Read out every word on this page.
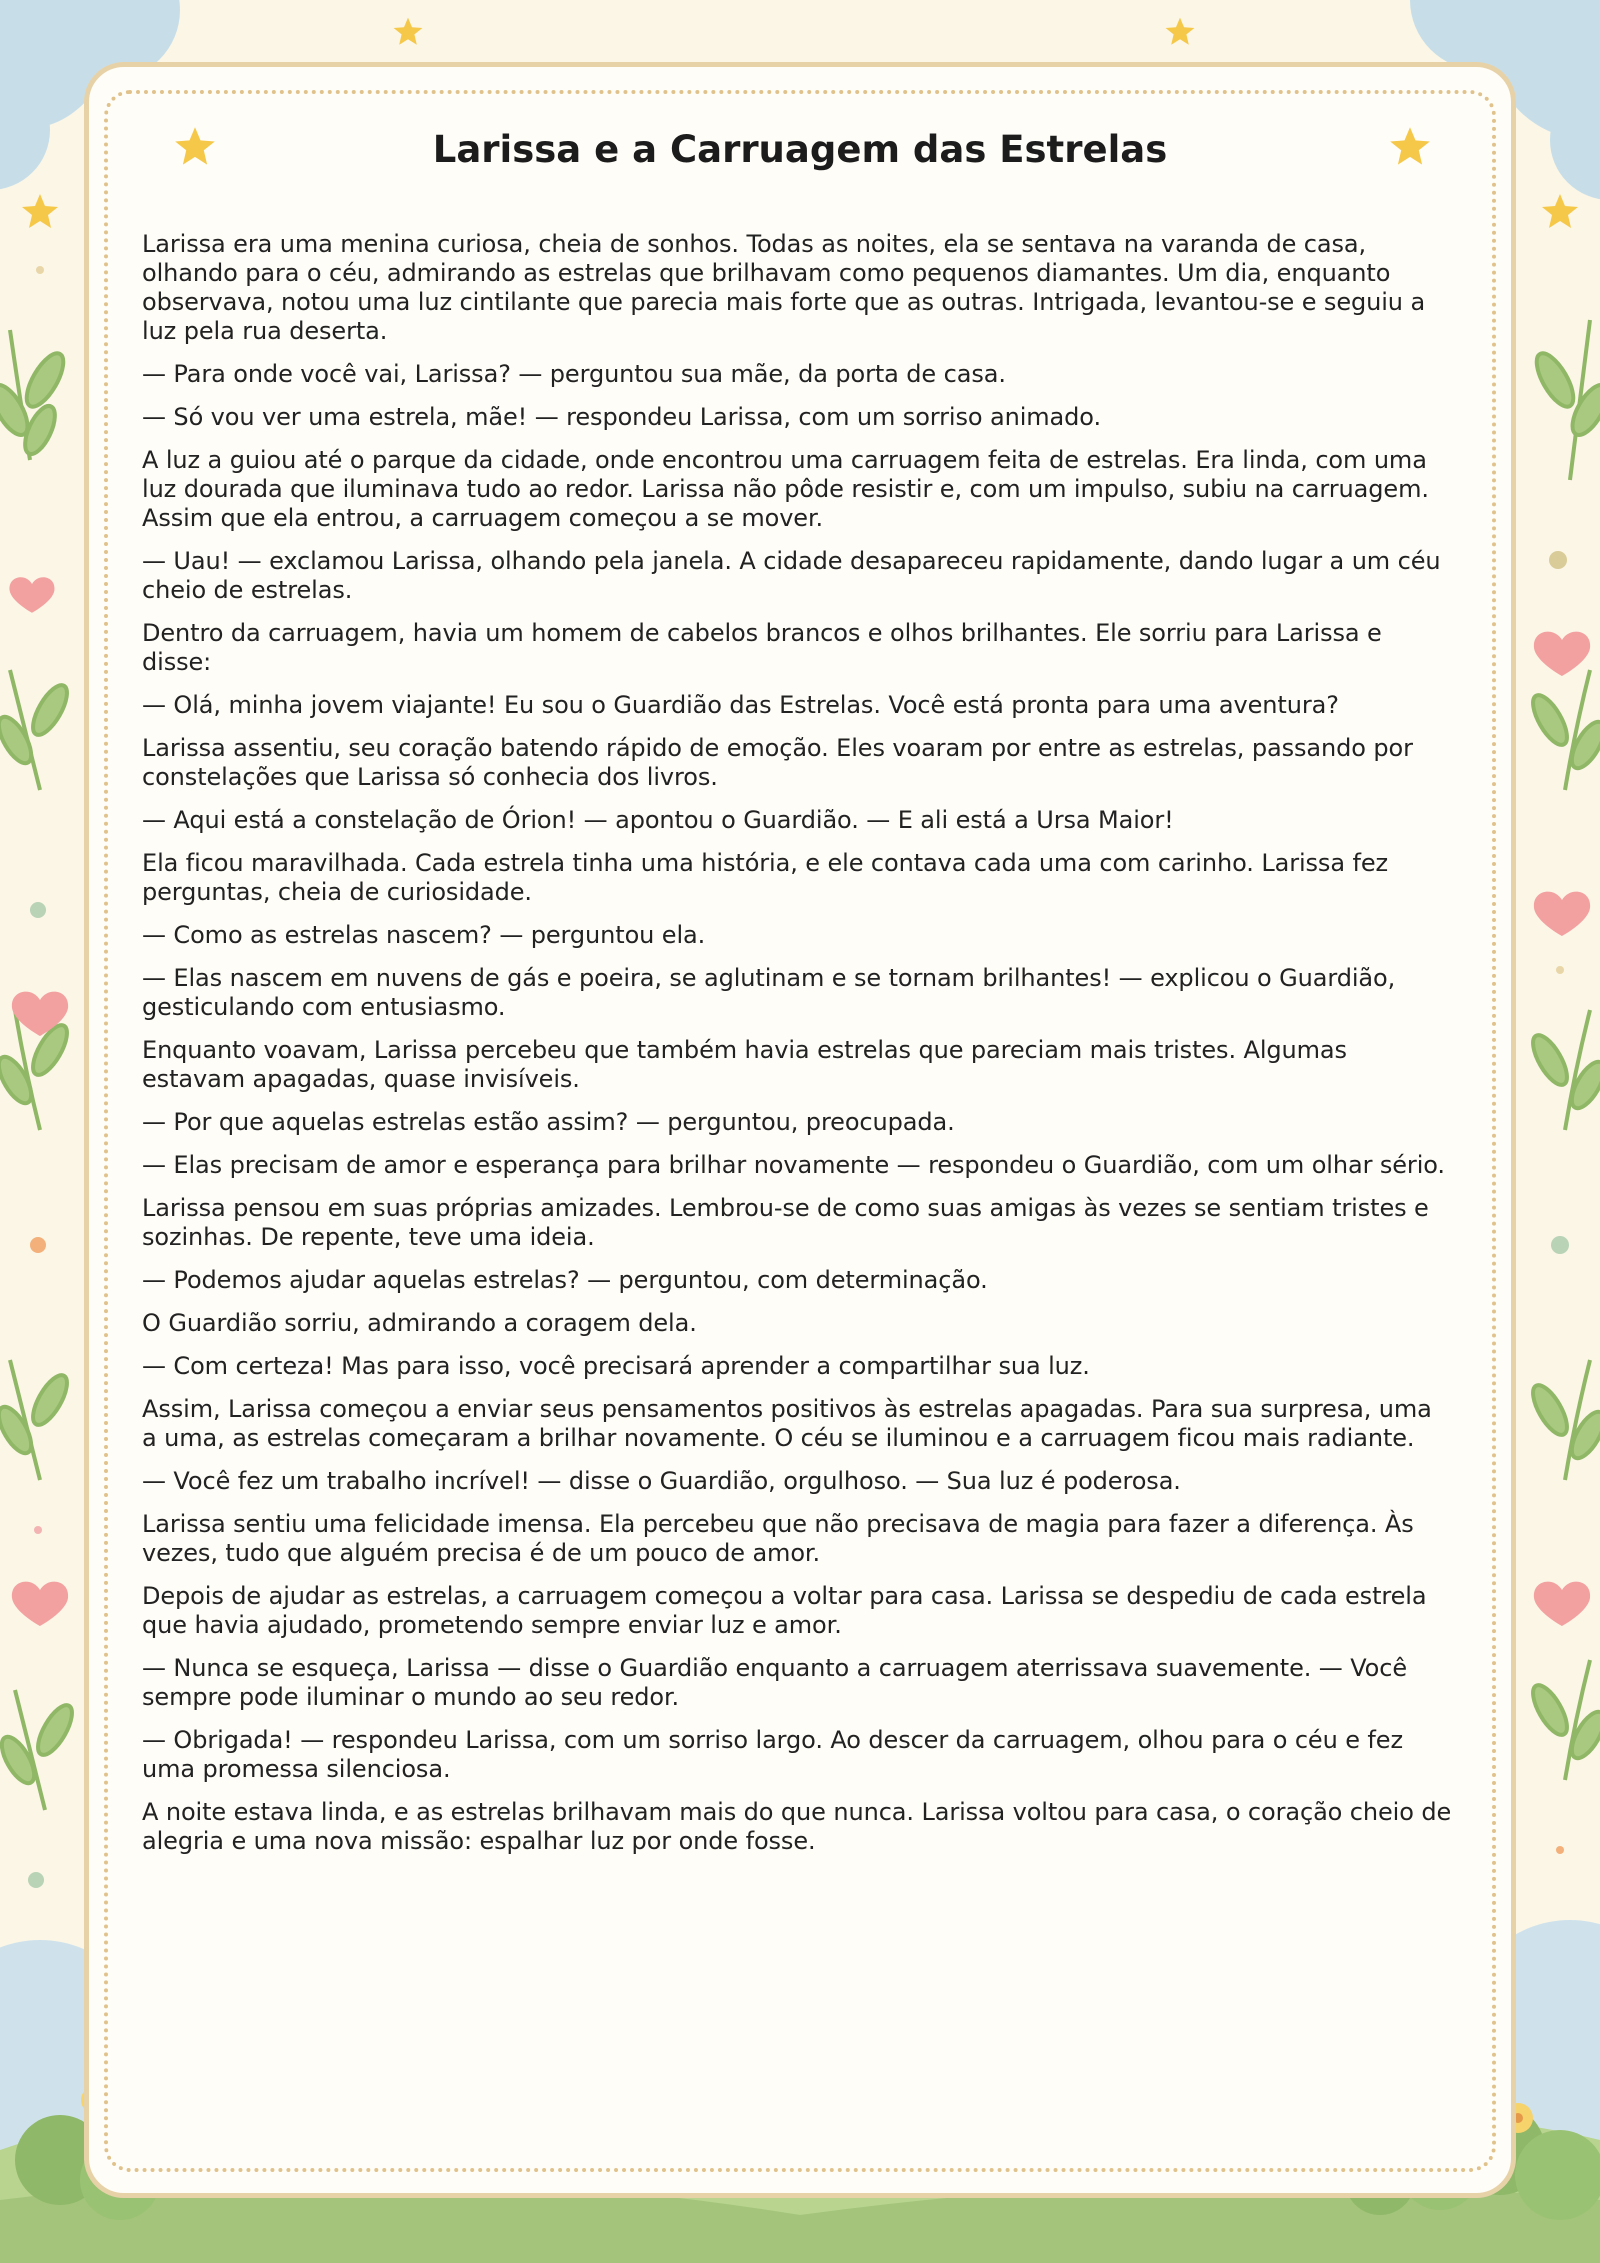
Larissa e a Carruagem das Estrelas

Larissa era uma menina curiosa, cheia de sonhos. Todas as noites, ela se sentava na varanda de casa, olhando para o céu, admirando as estrelas que brilhavam como pequenos diamantes. Um dia, enquanto observava, notou uma luz cintilante que parecia mais forte que as outras. Intrigada, levantou-se e seguiu a luz pela rua deserta.

— Para onde você vai, Larissa? — perguntou sua mãe, da porta de casa.

— Só vou ver uma estrela, mãe! — respondeu Larissa, com um sorriso animado.

A luz a guiou até o parque da cidade, onde encontrou uma carruagem feita de estrelas. Era linda, com uma luz dourada que iluminava tudo ao redor. Larissa não pôde resistir e, com um impulso, subiu na carruagem. Assim que ela entrou, a carruagem começou a se mover.

— Uau! — exclamou Larissa, olhando pela janela. A cidade desapareceu rapidamente, dando lugar a um céu cheio de estrelas.

Dentro da carruagem, havia um homem de cabelos brancos e olhos brilhantes. Ele sorriu para Larissa e disse:

— Olá, minha jovem viajante! Eu sou o Guardião das Estrelas. Você está pronta para uma aventura?

Larissa assentiu, seu coração batendo rápido de emoção. Eles voaram por entre as estrelas, passando por constelações que Larissa só conhecia dos livros.

— Aqui está a constelação de Órion! — apontou o Guardião. — E ali está a Ursa Maior!

Ela ficou maravilhada. Cada estrela tinha uma história, e ele contava cada uma com carinho. Larissa fez perguntas, cheia de curiosidade.

— Como as estrelas nascem? — perguntou ela.

— Elas nascem em nuvens de gás e poeira, se aglutinam e se tornam brilhantes! — explicou o Guardião, gesticulando com entusiasmo.

Enquanto voavam, Larissa percebeu que também havia estrelas que pareciam mais tristes. Algumas estavam apagadas, quase invisíveis.

— Por que aquelas estrelas estão assim? — perguntou, preocupada.

— Elas precisam de amor e esperança para brilhar novamente — respondeu o Guardião, com um olhar sério.

Larissa pensou em suas próprias amizades. Lembrou-se de como suas amigas às vezes se sentiam tristes e sozinhas. De repente, teve uma ideia.

— Podemos ajudar aquelas estrelas? — perguntou, com determinação.

O Guardião sorriu, admirando a coragem dela.

— Com certeza! Mas para isso, você precisará aprender a compartilhar sua luz.

Assim, Larissa começou a enviar seus pensamentos positivos às estrelas apagadas. Para sua surpresa, uma a uma, as estrelas começaram a brilhar novamente. O céu se iluminou e a carruagem ficou mais radiante.

— Você fez um trabalho incrível! — disse o Guardião, orgulhoso. — Sua luz é poderosa.

Larissa sentiu uma felicidade imensa. Ela percebeu que não precisava de magia para fazer a diferença. Às vezes, tudo que alguém precisa é de um pouco de amor.

Depois de ajudar as estrelas, a carruagem começou a voltar para casa. Larissa se despediu de cada estrela que havia ajudado, prometendo sempre enviar luz e amor.

— Nunca se esqueça, Larissa — disse o Guardião enquanto a carruagem aterrissava suavemente. — Você sempre pode iluminar o mundo ao seu redor.

— Obrigada! — respondeu Larissa, com um sorriso largo. Ao descer da carruagem, olhou para o céu e fez uma promessa silenciosa.

A noite estava linda, e as estrelas brilhavam mais do que nunca. Larissa voltou para casa, o coração cheio de alegria e uma nova missão: espalhar luz por onde fosse.
